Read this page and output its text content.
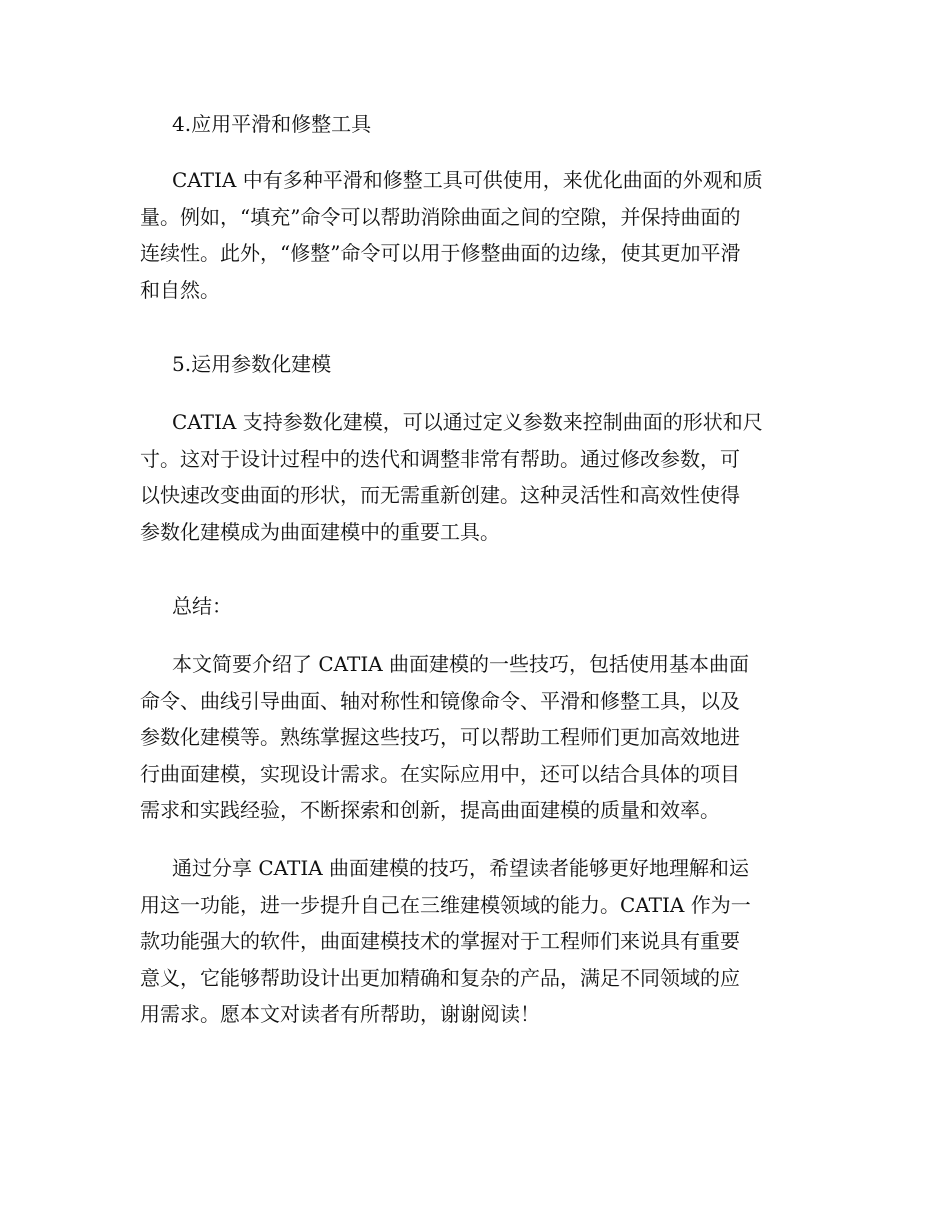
4.应用平滑和修整工具

CATIA 中有多种平滑和修整工具可供使用，来优化曲面的外观和质
量。例如，“填充”命令可以帮助消除曲面之间的空隙，并保持曲面的
连续性。此外，“修整”命令可以用于修整曲面的边缘，使其更加平滑
和自然。

5.运用参数化建模

CATIA 支持参数化建模，可以通过定义参数来控制曲面的形状和尺
寸。这对于设计过程中的迭代和调整非常有帮助。通过修改参数，可
以快速改变曲面的形状，而无需重新创建。这种灵活性和高效性使得
参数化建模成为曲面建模中的重要工具。

总结：

本文简要介绍了 CATIA 曲面建模的一些技巧，包括使用基本曲面
命令、曲线引导曲面、轴对称性和镜像命令、平滑和修整工具，以及
参数化建模等。熟练掌握这些技巧，可以帮助工程师们更加高效地进
行曲面建模，实现设计需求。在实际应用中，还可以结合具体的项目
需求和实践经验，不断探索和创新，提高曲面建模的质量和效率。

通过分享 CATIA 曲面建模的技巧，希望读者能够更好地理解和运
用这一功能，进一步提升自己在三维建模领域的能力。CATIA 作为一
款功能强大的软件，曲面建模技术的掌握对于工程师们来说具有重要
意义，它能够帮助设计出更加精确和复杂的产品，满足不同领域的应
用需求。愿本文对读者有所帮助，谢谢阅读！
